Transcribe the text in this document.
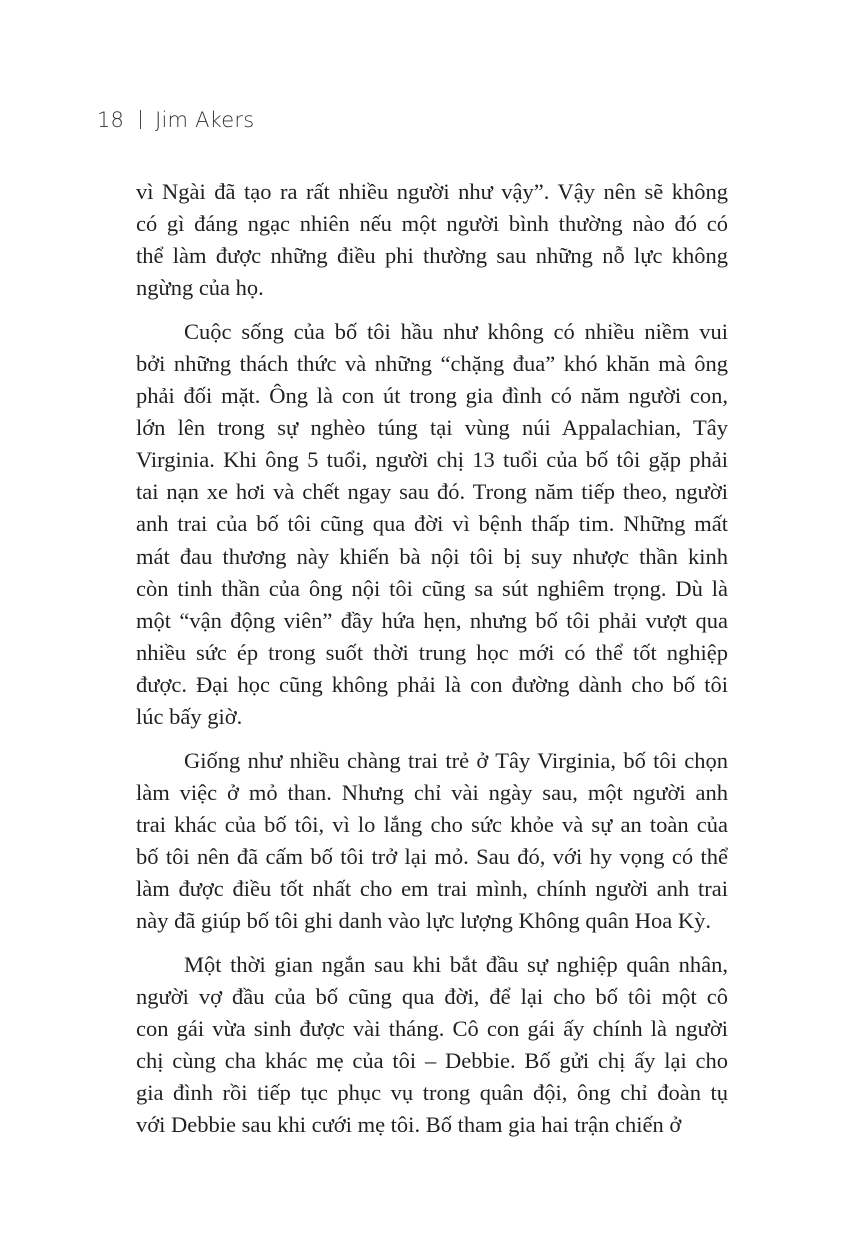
18 Jim Akers

vì Ngài đã tạo ra rất nhiều người như vậy”. Vậy nên sẽ không
có gì đáng ngạc nhiên nếu một người bình thường nào đó có
thể làm được những điều phi thường sau những nỗ lực không
ngừng của họ.

Cuộc sống của bố tôi hầu như không có nhiều niềm vui
bởi những thách thức và những “chặng đua” khó khăn mà ông
phải đối mặt. Ông là con út trong gia đình có năm người con,
lớn lên trong sự nghèo túng tại vùng núi Appalachian, Tây
Virginia. Khi ông 5 tuổi, người chị 13 tuổi của bố tôi gặp phải
tai nạn xe hơi và chết ngay sau đó. Trong năm tiếp theo, người
anh trai của bố tôi cũng qua đời vì bệnh thấp tim. Những mất
mát đau thương này khiến bà nội tôi bị suy nhược thần kinh
còn tinh thần của ông nội tôi cũng sa sút nghiêm trọng. Dù là
một “vận động viên” đầy hứa hẹn, nhưng bố tôi phải vượt qua
nhiều sức ép trong suốt thời trung học mới có thể tốt nghiệp
được. Đại học cũng không phải là con đường dành cho bố tôi
lúc bấy giờ.

Giống như nhiều chàng trai trẻ ở Tây Virginia, bố tôi chọn
làm việc ở mỏ than. Nhưng chỉ vài ngày sau, một người anh
trai khác của bố tôi, vì lo lắng cho sức khỏe và sự an toàn của
bố tôi nên đã cấm bố tôi trở lại mỏ. Sau đó, với hy vọng có thể
làm được điều tốt nhất cho em trai mình, chính người anh trai
này đã giúp bố tôi ghi danh vào lực lượng Không quân Hoa Kỳ.

Một thời gian ngắn sau khi bắt đầu sự nghiệp quân nhân,
người vợ đầu của bố cũng qua đời, để lại cho bố tôi một cô
con gái vừa sinh được vài tháng. Cô con gái ấy chính là người
chị cùng cha khác mẹ của tôi – Debbie. Bố gửi chị ấy lại cho
gia đình rồi tiếp tục phục vụ trong quân đội, ông chỉ đoàn tụ
với Debbie sau khi cưới mẹ tôi. Bố tham gia hai trận chiến ở
